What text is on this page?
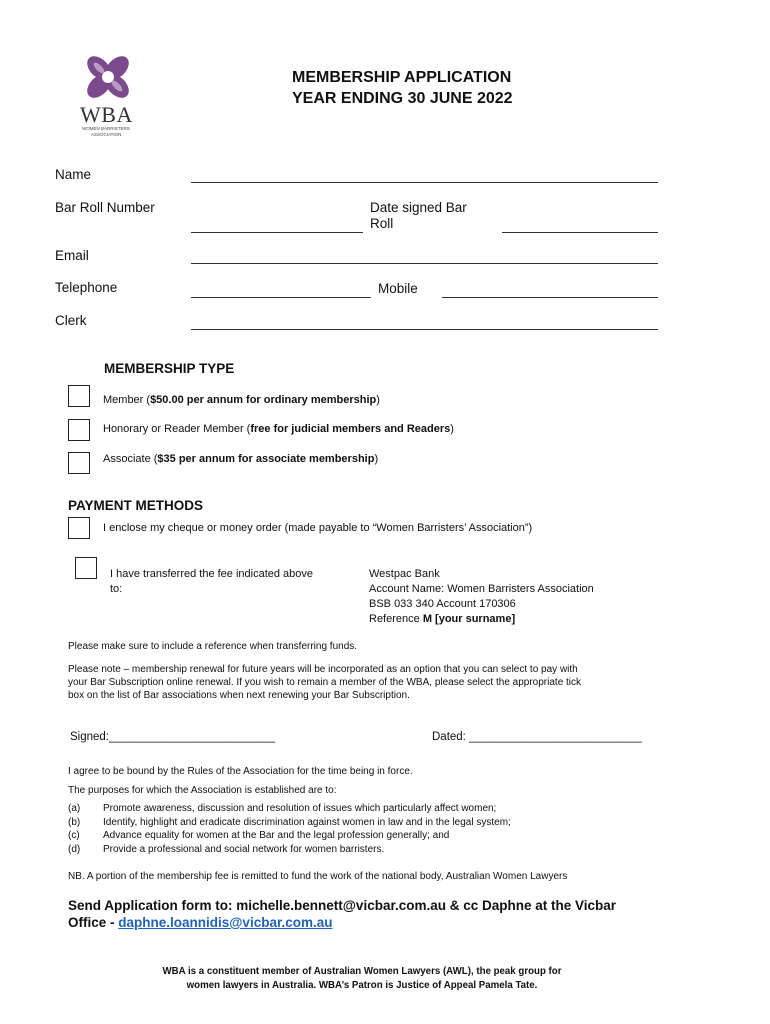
WBA
WOMEN BARRISTERS
ASSOCIATION
MEMBERSHIP APPLICATION
YEAR ENDING 30 JUNE 2022
Name
Bar Roll Number	Date signed Bar
Roll
Email
Telephone	Mobile
Clerk
MEMBERSHIP TYPE
Member ($50.00 per annum for ordinary membership)
Honorary or Reader Member (free for judicial members and Readers)
Associate ($35 per annum for associate membership)
PAYMENT METHODS
I enclose my cheque or money order (made payable to “Women Barristers’ Association”)
I have transferred the fee indicated above
to:
Westpac Bank
Account Name: Women Barristers Association
BSB 033 340 Account 170306
Reference M [your surname]
Please make sure to include a reference when transferring funds.
Please note – membership renewal for future years will be incorporated as an option that you can select to pay with
your Bar Subscription online renewal. If you wish to remain a member of the WBA, please select the appropriate tick
box on the list of Bar associations when next renewing your Bar Subscription.
Signed:__________________________	Dated: ___________________________
I agree to be bound by the Rules of the Association for the time being in force.
The purposes for which the Association is established are to:
(a) Promote awareness, discussion and resolution of issues which particularly affect women;
(b) Identify, highlight and eradicate discrimination against women in law and in the legal system;
(c) Advance equality for women at the Bar and the legal profession generally; and
(d) Provide a professional and social network for women barristers.
NB. A portion of the membership fee is remitted to fund the work of the national body, Australian Women Lawyers
Send Application form to: michelle.bennett@vicbar.com.au & cc Daphne at the Vicbar
Office - daphne.loannidis@vicbar.com.au
WBA is a constituent member of Australian Women Lawyers (AWL), the peak group for
women lawyers in Australia. WBA’s Patron is Justice of Appeal Pamela Tate.
